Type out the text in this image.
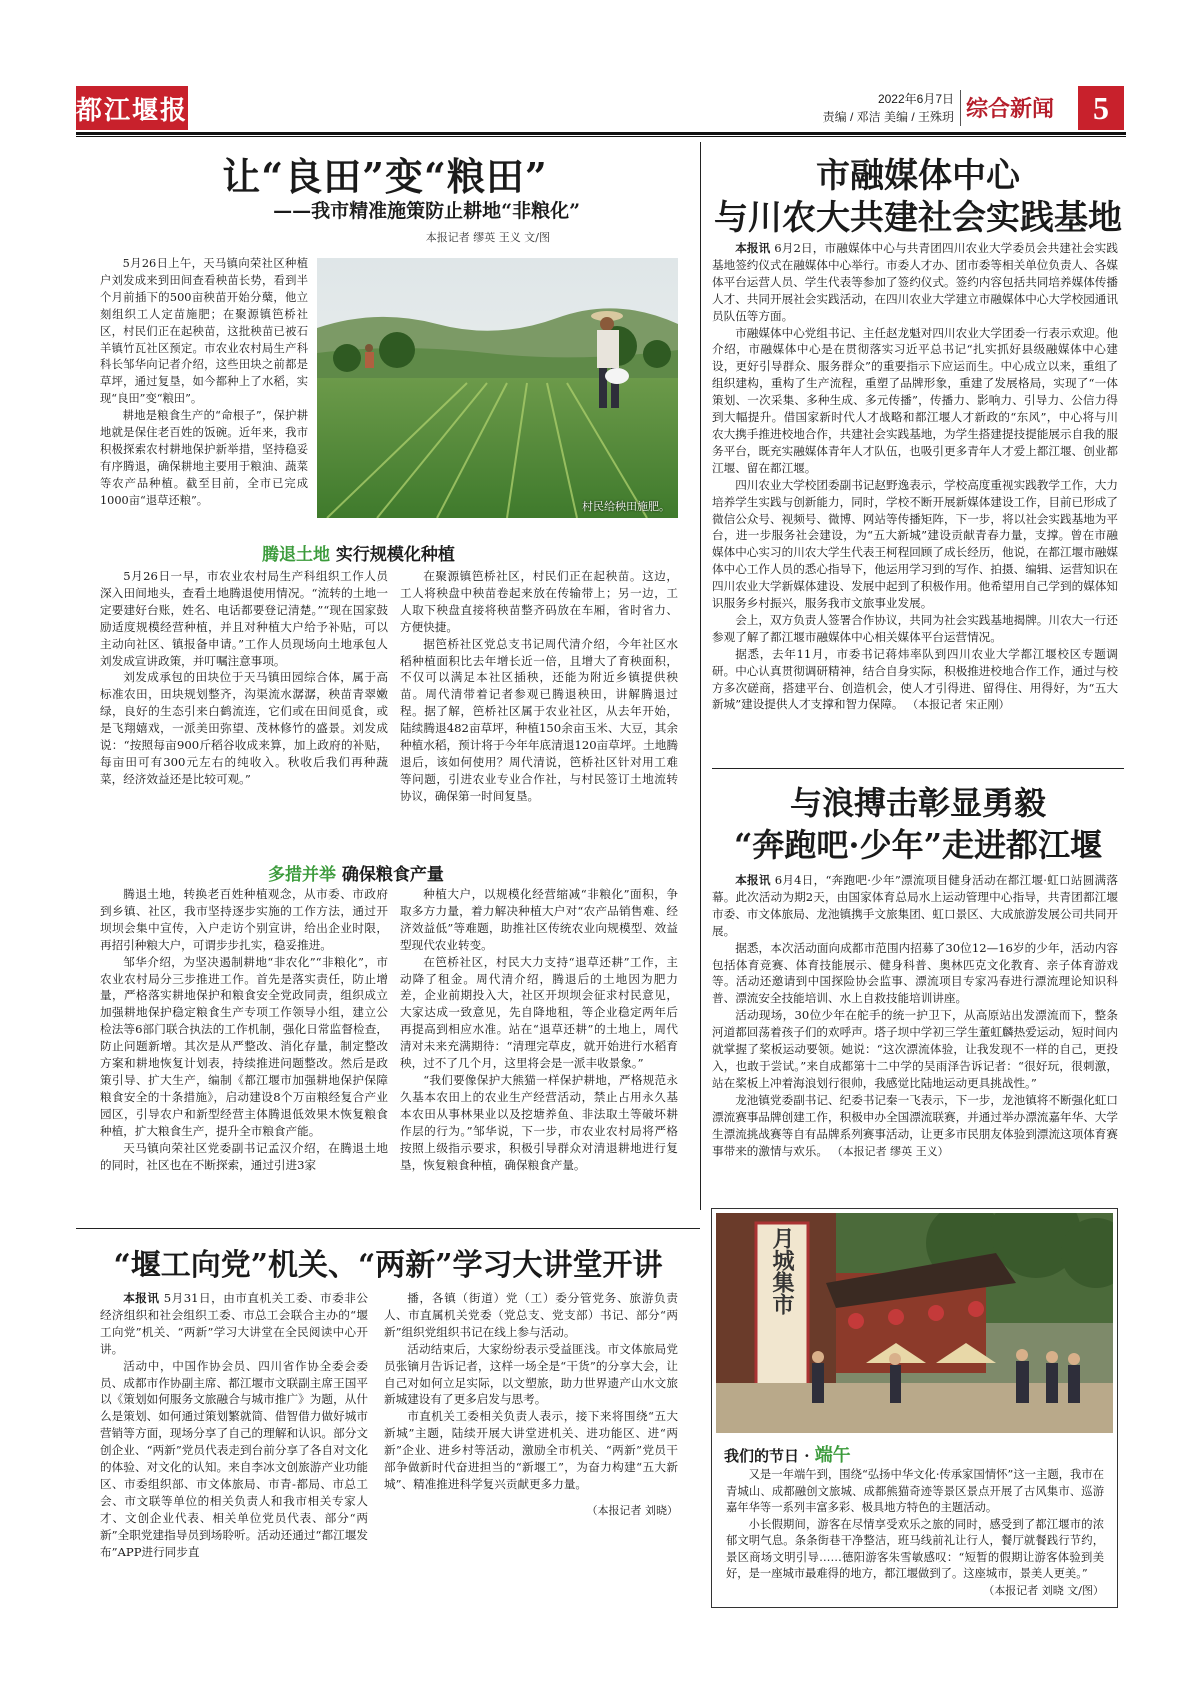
都江堰报	2022年6月7日
责编 / 邓洁 美编 / 王殊玥 综合新闻	5
让“良田”变“粮田”
——我市精准施策防止耕地“非粮化”
本报记者 缪英 王义 文/图

5月26日上午，天马镇向荣社区种植户刘发成来到田间查看秧苗长势，看到半个月前插下的500亩秧苗开始分蘖，他立刻组织工人定苗施肥；在聚源镇笆桥社区，村民们正在起秧苗，这批秧苗已被石羊镇竹瓦社区预定。市农业农村局生产科科长邹华向记者介绍，这些田块之前都是草坪，通过复垦，如今都种上了水稻，实现“良田”变“粮田”。

耕地是粮食生产的“命根子”，保护耕地就是保住老百姓的饭碗。近年来，我市积极探索农村耕地保护新举措，坚持稳妥有序腾退，确保耕地主要用于粮油、蔬菜等农产品种植。截至目前，全市已完成1000亩“退草还粮”。	村民给秧田施肥。
腾退土地 实行规模化种植

5月26日一早，市农业农村局生产科组织工作人员深入田间地头，查看土地腾退使用情况。“流转的土地一定要建好台账，姓名、电话都要登记清楚。”“现在国家鼓励适度规模经营种植，并且对种植大户给予补贴，可以主动向社区、镇报备申请。”工作人员现场向土地承包人刘发成宣讲政策，并叮嘱注意事项。

刘发成承包的田块位于天马镇田园综合体，属于高标准农田，田块规划整齐，沟渠流水潺潺，秧苗青翠嫩绿，良好的生态引来白鹤流连，它们或在田间觅食，或是飞翔嬉戏，一派美田弥望、茂林修竹的盛景。刘发成说：“按照每亩900斤稻谷收成来算，加上政府的补贴，每亩田可有300元左右的纯收入。秋收后我们再种蔬菜，经济效益还是比较可观。”

在聚源镇笆桥社区，村民们正在起秧苗。这边，工人将秧盘中秧苗卷起来放在传输带上；另一边，工人取下秧盘直接将秧苗整齐码放在车厢，省时省力、方便快捷。

据笆桥社区党总支书记周代清介绍，今年社区水稻种植面积比去年增长近一倍，且增大了育秧面积，不仅可以满足本社区插秧，还能为附近乡镇提供秧苗。周代清带着记者参观已腾退秧田，讲解腾退过程。据了解，笆桥社区属于农业社区，从去年开始，陆续腾退482亩草坪，种植150余亩玉米、大豆，其余种植水稻，预计将于今年年底清退120亩草坪。土地腾退后，该如何使用？周代清说，笆桥社区针对用工难等问题，引进农业专业合作社，与村民签订土地流转协议，确保第一时间复垦。

多措并举 确保粮食产量

腾退土地，转换老百姓种植观念，从市委、市政府到乡镇、社区，我市坚持逐步实施的工作方法，通过开坝坝会集中宣传，入户走访个别宣讲，给出企业时限，再招引种粮大户，可谓步步扎实，稳妥推进。

邹华介绍，为坚决遏制耕地“非农化”“非粮化”，市农业农村局分三步推进工作。首先是落实责任，防止增量，严格落实耕地保护和粮食安全党政同责，组织成立加强耕地保护稳定粮食生产专项工作领导小组，建立公检法等6部门联合执法的工作机制，强化日常监督检查，防止问题新增。其次是从严整改、消化存量，制定整改方案和耕地恢复计划表，持续推进问题整改。然后是政策引导、扩大生产，编制《都江堰市加强耕地保护保障粮食安全的十条措施》，启动建设8个万亩粮经复合产业园区，引导农户和新型经营主体腾退低效果木恢复粮食种植，扩大粮食生产，提升全市粮食产能。

天马镇向荣社区党委副书记孟汉介绍，在腾退土地的同时，社区也在不断探索，通过引进3家

种植大户，以规模化经营缩减“非粮化”面积，争取多方力量，着力解决种植大户对“农产品销售难、经济效益低”等难题，助推社区传统农业向规模型、效益型现代农业转变。

在笆桥社区，村民大力支持“退草还耕”工作，主动降了租金。周代清介绍，腾退后的土地因为肥力差，企业前期投入大，社区开坝坝会征求村民意见，大家达成一致意见，先自降地租，等企业稳定两年后再提高到相应水准。站在“退草还耕”的土地上，周代清对未来充满期待：“清理完草皮，就开始进行水稻育秧，过不了几个月，这里将会是一派丰收景象。”

“我们要像保护大熊猫一样保护耕地，严格规范永久基本农田上的农业生产经营活动，禁止占用永久基本农田从事林果业以及挖塘养鱼、非法取土等破坏耕作层的行为。”邹华说，下一步，市农业农村局将严格按照上级指示要求，积极引导群众对清退耕地进行复垦，恢复粮食种植，确保粮食产量。

市融媒体中心
与川农大共建社会实践基地

本报讯 6月2日，市融媒体中心与共青团四川农业大学委员会共建社会实践基地签约仪式在融媒体中心举行。市委人才办、团市委等相关单位负责人、各媒体平台运营人员、学生代表等参加了签约仪式。签约内容包括共同培养媒体传播人才、共同开展社会实践活动，在四川农业大学建立市融媒体中心大学校园通讯员队伍等方面。

市融媒体中心党组书记、主任赵龙魁对四川农业大学团委一行表示欢迎。他介绍，市融媒体中心是在贯彻落实习近平总书记“扎实抓好县级融媒体中心建设，更好引导群众、服务群众”的重要指示下应运而生。中心成立以来，重组了组织建构，重构了生产流程，重塑了品牌形象，重建了发展格局，实现了“一体策划、一次采集、多种生成、多元传播”，传播力、影响力、引导力、公信力得到大幅提升。借国家新时代人才战略和都江堰人才新政的“东风”，中心将与川农大携手推进校地合作，共建社会实践基地，为学生搭建提技提能展示自我的服务平台，既充实融媒体青年人才队伍，也吸引更多青年人才爱上都江堰、创业都江堰、留在都江堰。

四川农业大学校团委副书记赵野逸表示，学校高度重视实践教学工作，大力培养学生实践与创新能力，同时，学校不断开展新媒体建设工作，目前已形成了微信公众号、视频号、微博、网站等传播矩阵，下一步，将以社会实践基地为平台，进一步服务社会建设，为“五大新城”建设贡献青春力量，支撑。曾在市融媒体中心实习的川农大学生代表王柯程回顾了成长经历，他说，在都江堰市融媒体中心工作人员的悉心指导下，他运用学习到的写作、拍摄、编辑、运营知识在四川农业大学新媒体建设、发展中起到了积极作用。他希望用自己学到的媒体知识服务乡村振兴，服务我市文旅事业发展。

会上，双方负责人签署合作协议，共同为社会实践基地揭牌。川农大一行还参观了解了都江堰市融媒体中心相关媒体平台运营情况。

据悉，去年11月，市委书记蒋炜率队到四川农业大学都江堰校区专题调研。中心认真贯彻调研精神，结合自身实际，积极推进校地合作工作，通过与校方多次磋商，搭建平台、创造机会，使人才引得进、留得住、用得好，为“五大新城”建设提供人才支撑和智力保障。 （本报记者 宋正刚）

与浪搏击彰显勇毅
“奔跑吧·少年”走进都江堰

本报讯 6月4日，“奔跑吧·少年”漂流项目健身活动在都江堰·虹口站圆满落幕。此次活动为期2天，由国家体育总局水上运动管理中心指导，共青团都江堰市委、市文体旅局、龙池镇携手文旅集团、虹口景区、大成旅游发展公司共同开展。

据悉，本次活动面向成都市范围内招募了30位12—16岁的少年，活动内容包括体育竞赛、体育技能展示、健身科普、奥林匹克文化教育、亲子体育游戏等。活动还邀请到中国探险协会监事、漂流项目专家冯春进行漂流理论知识科普、漂流安全技能培训、水上自救技能培训讲座。

活动现场，30位少年在舵手的统一护卫下，从高原站出发漂流而下，整条河道都回荡着孩子们的欢呼声。塔子坝中学初三学生董虹麟热爱运动，短时间内就掌握了桨板运动要领。她说：“这次漂流体验，让我发现不一样的自己，更投入，也敢于尝试。”来自成都第十二中学的吴雨泽告诉记者：“很好玩，很刺激，站在桨板上冲着海浪划行很帅，我感觉比陆地运动更具挑战性。”

龙池镇党委副书记、纪委书记秦一飞表示，下一步，龙池镇将不断强化虹口漂流赛事品牌创建工作，积极申办全国漂流联赛，并通过举办漂流嘉年华、大学生漂流挑战赛等自有品牌系列赛事活动，让更多市民朋友体验到漂流这项体育赛事带来的激情与欢乐。 （本报记者 缪英 王义）

“堰工向党”机关、“两新”学习大讲堂开讲

本报讯 5月31日，由市直机关工委、市委非公经济组织和社会组织工委、市总工会联合主办的“堰工向党”机关、“两新”学习大讲堂在全民阅读中心开讲。

活动中，中国作协会员、四川省作协全委会委员、成都市作协副主席、都江堰市文联副主席王国平以《策划如何服务文旅融合与城市推广》为题，从什么是策划、如何通过策划繁就简、借智借力做好城市营销等方面，现场分享了自己的理解和认识。部分文创企业、“两新”党员代表走到台前分享了各自对文化的体验、对文化的认知。来自李冰文创旅游产业功能区、市委组织部、市文体旅局、市青-都局、市总工会、市文联等单位的相关负责人和我市相关专家人才、文创企业代表、相关单位党员代表、部分“两新”全职党建指导员到场聆听。活动还通过“都江堰发布”APP进行同步直

播，各镇（街道）党（工）委分管党务、旅游负责人、市直属机关党委（党总支、党支部）书记、部分“两新”组织党组织书记在线上参与活动。

活动结束后，大家纷纷表示受益匪浅。市文体旅局党员张镝月告诉记者，这样一场全是“干货”的分享大会，让自己对如何立足实际，以文塑旅，助力世界遗产山水文旅新城建设有了更多启发与思考。

市直机关工委相关负责人表示，接下来将围绕“五大新城”主题，陆续开展大讲堂进机关、进功能区、进“两新”企业、进乡村等活动，激励全市机关、“两新”党员干部争做新时代奋进担当的“新堰工”，为奋力构建“五大新城”、精准推进科学复兴贡献更多力量。

（本报记者 刘晓）

月城集市
我们的节日 · 端午

又是一年端午到，围绕“弘扬中华文化·传承家国情怀”这一主题，我市在青城山、成都融创文旅城、成都熊猫奇迹等景区景点开展了古风集市、巡游嘉年华等一系列丰富多彩、极具地方特色的主题活动。

小长假期间，游客在尽情享受欢乐之旅的同时，感受到了都江堰市的浓郁文明气息。条条街巷干净整洁，班马线前礼让行人，餐厅就餐践行节约，景区商场文明引导……德阳游客朱雪敏感叹：“短暂的假期让游客体验到美好，是一座城市最难得的地方，都江堰做到了。这座城市，景美人更美。”

（本报记者 刘晓 文/图）
